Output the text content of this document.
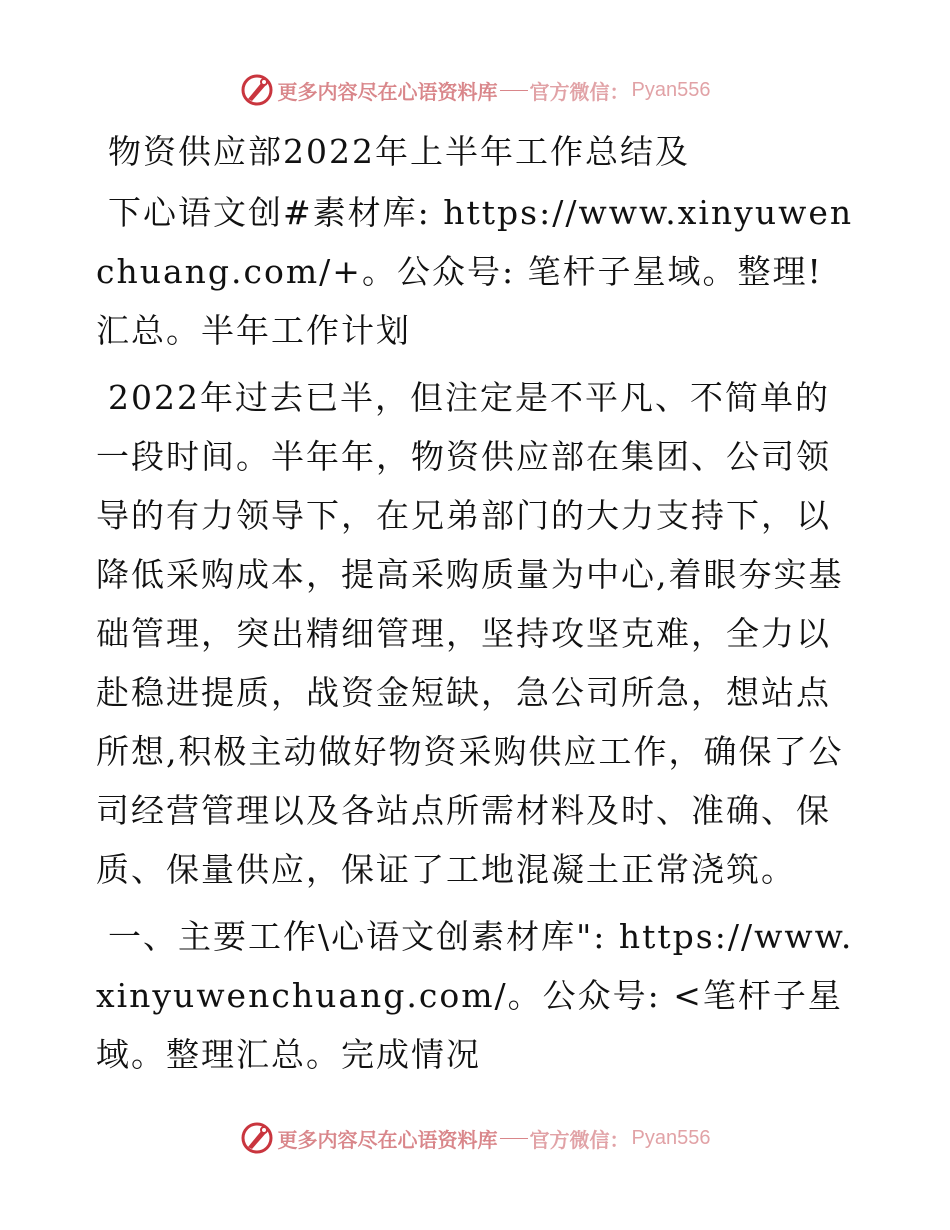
更多内容尽在心语资料库 官方微信： Pyan556

物资供应部2022年上半年工作总结及

下心语文创#素材库: https://www.xinyuwenchuang.com/+。公众号: 笔杆子星域。整理! 汇总。半年工作计划

2022年过去已半，但注定是不平凡、不简单的一段时间。半年年，物资供应部在集团、公司领导的有力领导下，在兄弟部门的大力支持下，以降低采购成本，提高采购质量为中心,着眼夯实基础管理，突出精细管理，坚持攻坚克难，全力以赴稳进提质，战资金短缺，急公司所急，想站点所想,积极主动做好物资采购供应工作，确保了公司经营管理以及各站点所需材料及时、准确、保质、保量供应，保证了工地混凝土正常浇筑。

一、主要工作\心语文创素材库": https://www.xinyuwenchuang.com/。公众号: <笔杆子星域。整理汇总。完成情况

更多内容尽在心语资料库 官方微信： Pyan556
